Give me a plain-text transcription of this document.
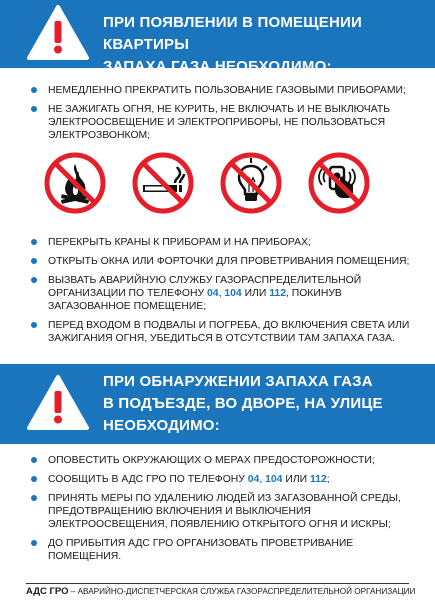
ПРИ ПОЯВЛЕНИИ В ПОМЕЩЕНИИ КВАРТИРЫ
ЗАПАХА ГАЗА НЕОБХОДИМО:
НЕМЕДЛЕННО ПРЕКРАТИТЬ ПОЛЬЗОВАНИЕ ГАЗОВЫМИ ПРИБОРАМИ;
НЕ ЗАЖИГАТЬ ОГНЯ, НЕ КУРИТЬ, НЕ ВКЛЮЧАТЬ И НЕ ВЫКЛЮЧАТЬ ЭЛЕКТРООСВЕЩЕНИЕ И ЭЛЕКТРОПРИБОРЫ, НЕ ПОЛЬЗОВАТЬСЯ ЭЛЕКТРОЗВОНКОМ;
ПЕРЕКРЫТЬ КРАНЫ К ПРИБОРАМ И НА ПРИБОРАХ;
ОТКРЫТЬ ОКНА ИЛИ ФОРТОЧКИ ДЛЯ ПРОВЕТРИВАНИЯ ПОМЕЩЕНИЯ;
ВЫЗВАТЬ АВАРИЙНУЮ СЛУЖБУ ГАЗОРАСПРЕДЕЛИТЕЛЬНОЙ ОРГАНИЗАЦИИ ПО ТЕЛЕФОНУ 04, 104 ИЛИ 112, ПОКИНУВ ЗАГАЗОВАННОЕ ПОМЕЩЕНИЕ;
ПЕРЕД ВХОДОМ В ПОДВАЛЫ И ПОГРЕБА, ДО ВКЛЮЧЕНИЯ СВЕТА ИЛИ ЗАЖИГАНИЯ ОГНЯ, УБЕДИТЬСЯ В ОТСУТСТВИИ ТАМ ЗАПАХА ГАЗА.
ПРИ ОБНАРУЖЕНИИ ЗАПАХА ГАЗА
В ПОДЪЕЗДЕ, ВО ДВОРЕ, НА УЛИЦЕ
НЕОБХОДИМО:
ОПОВЕСТИТЬ ОКРУЖАЮЩИХ О МЕРАХ ПРЕДОСТОРОЖНОСТИ;
СООБЩИТЬ В АДС ГРО ПО ТЕЛЕФОНУ 04, 104 ИЛИ 112;
ПРИНЯТЬ МЕРЫ ПО УДАЛЕНИЮ ЛЮДЕЙ ИЗ ЗАГАЗОВАННОЙ СРЕДЫ, ПРЕДОТВРАЩЕНИЮ ВКЛЮЧЕНИЯ И ВЫКЛЮЧЕНИЯ ЭЛЕКТРООСВЕЩЕНИЯ, ПОЯВЛЕНИЮ ОТКРЫТОГО ОГНЯ И ИСКРЫ;
ДО ПРИБЫТИЯ АДС ГРО ОРГАНИЗОВАТЬ ПРОВЕТРИВАНИЕ ПОМЕЩЕНИЯ.
АДС ГРО – АВАРИЙНО-ДИСПЕТЧЕРСКАЯ СЛУЖБА ГАЗОРАСПРЕДЕЛИТЕЛЬНОЙ ОРГАНИЗАЦИИ
